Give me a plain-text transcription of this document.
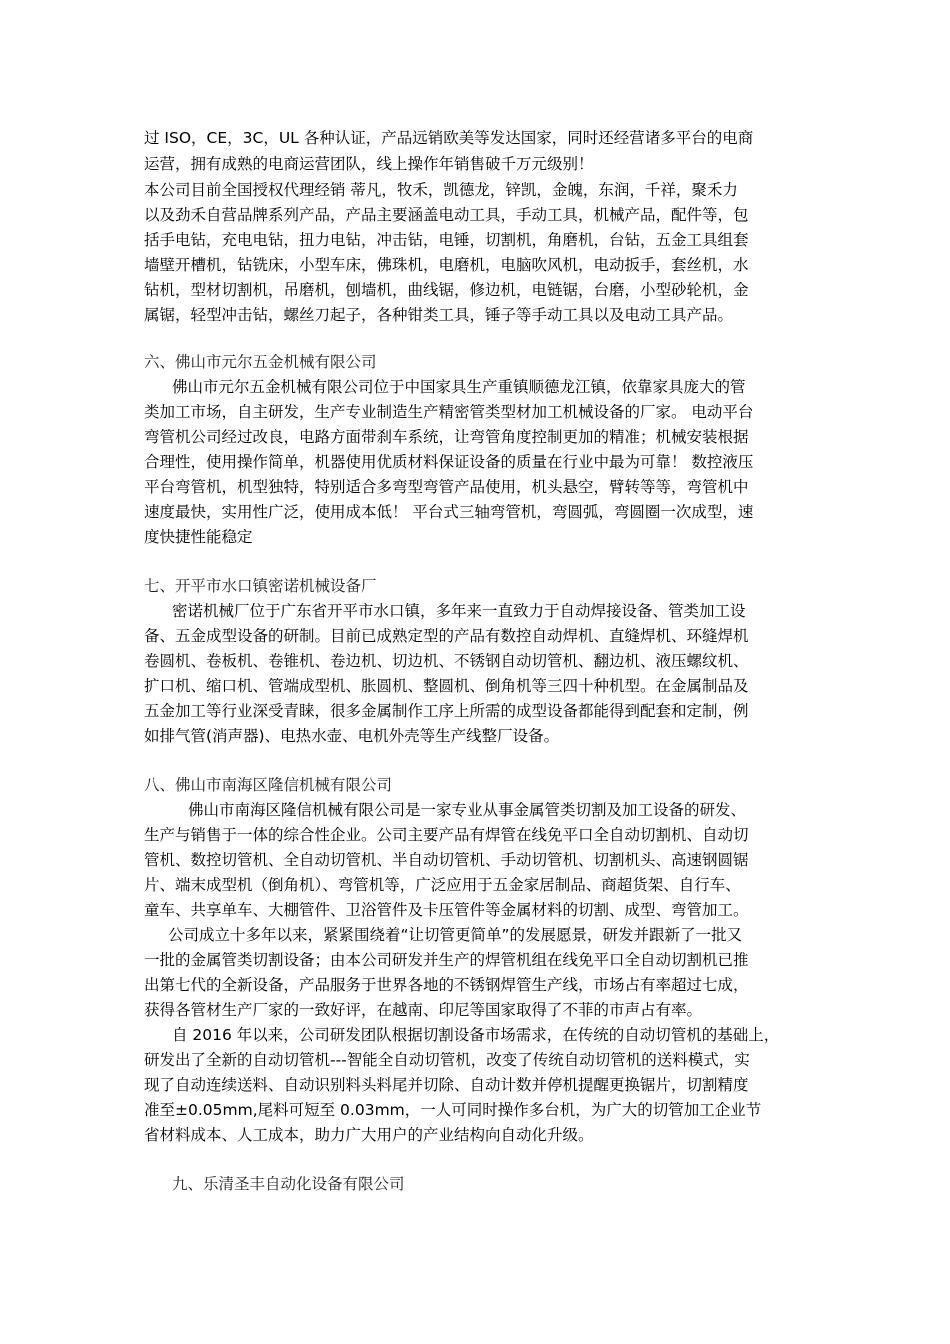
过 ISO，CE，3C，UL 各种认证，产品远销欧美等发达国家，同时还经营诸多平台的电商
运营，拥有成熟的电商运营团队，线上操作年销售破千万元级别！
本公司目前全国授权代理经销 蒂凡，牧禾，凯德龙，锌凯，金魄，东润，千祥，聚禾力
以及劲禾自营品牌系列产品，产品主要涵盖电动工具，手动工具，机械产品，配件等，包
括手电钻，充电电钻，扭力电钻，冲击钻，电锤，切割机，角磨机，台钻，五金工具组套
墙壁开槽机，钻铣床，小型车床，佛珠机，电磨机，电脑吹风机，电动扳手，套丝机，水
钻机，型材切割机，吊磨机，刨墙机，曲线锯，修边机，电链锯，台磨，小型砂轮机，金
属锯，轻型冲击钻，螺丝刀起子，各种钳类工具，锤子等手动工具以及电动工具产品。
六、佛山市元尔五金机械有限公司
佛山市元尔五金机械有限公司位于中国家具生产重镇顺德龙江镇，依靠家具庞大的管
类加工市场，自主研发，生产专业制造生产精密管类型材加工机械设备的厂家。 电动平台
弯管机公司经过改良，电路方面带刹车系统，让弯管角度控制更加的精准；机械安装根据
合理性，使用操作简单，机器使用优质材料保证设备的质量在行业中最为可靠！ 数控液压
平台弯管机，机型独特，特别适合多弯型弯管产品使用，机头悬空，臂转等等，弯管机中
速度最快，实用性广泛，使用成本低！ 平台式三轴弯管机，弯圆弧，弯圆圈一次成型，速
度快捷性能稳定
七、开平市水口镇密诺机械设备厂
密诺机械厂位于广东省开平市水口镇，多年来一直致力于自动焊接设备、管类加工设
备、五金成型设备的研制。目前已成熟定型的产品有数控自动焊机、直缝焊机、环缝焊机
卷圆机、卷板机、卷锥机、卷边机、切边机、不锈钢自动切管机、翻边机、液压螺纹机、
扩口机、缩口机、管端成型机、胀圆机、整圆机、倒角机等三四十种机型。在金属制品及
五金加工等行业深受青睐，很多金属制作工序上所需的成型设备都能得到配套和定制，例
如排气管(消声器)、电热水壶、电机外壳等生产线整厂设备。
八、佛山市南海区隆信机械有限公司
佛山市南海区隆信机械有限公司是一家专业从事金属管类切割及加工设备的研发、
生产与销售于一体的综合性企业。公司主要产品有焊管在线免平口全自动切割机、自动切
管机、数控切管机、全自动切管机、半自动切管机、手动切管机、切割机头、高速钢圆锯
片、端末成型机（倒角机）、弯管机等，广泛应用于五金家居制品、商超货架、自行车、
童车、共享单车、大棚管件、卫浴管件及卡压管件等金属材料的切割、成型、弯管加工。
公司成立十多年以来，紧紧围绕着“让切管更简单”的发展愿景，研发并跟新了一批又
一批的金属管类切割设备；由本公司研发并生产的焊管机组在线免平口全自动切割机已推
出第七代的全新设备，产品服务于世界各地的不锈钢焊管生产线，市场占有率超过七成，
获得各管材生产厂家的一致好评，在越南、印尼等国家取得了不菲的市声占有率。
自 2016 年以来，公司研发团队根据切割设备市场需求，在传统的自动切管机的基础上，
研发出了全新的自动切管机---智能全自动切管机，改变了传统自动切管机的送料模式，实
现了自动连续送料、自动识别料头料尾并切除、自动计数并停机提醒更换锯片，切割精度
准至±0.05mm,尾料可短至 0.03mm，一人可同时操作多台机，为广大的切管加工企业节
省材料成本、人工成本，助力广大用户的产业结构向自动化升级。
九、乐清圣丰自动化设备有限公司
